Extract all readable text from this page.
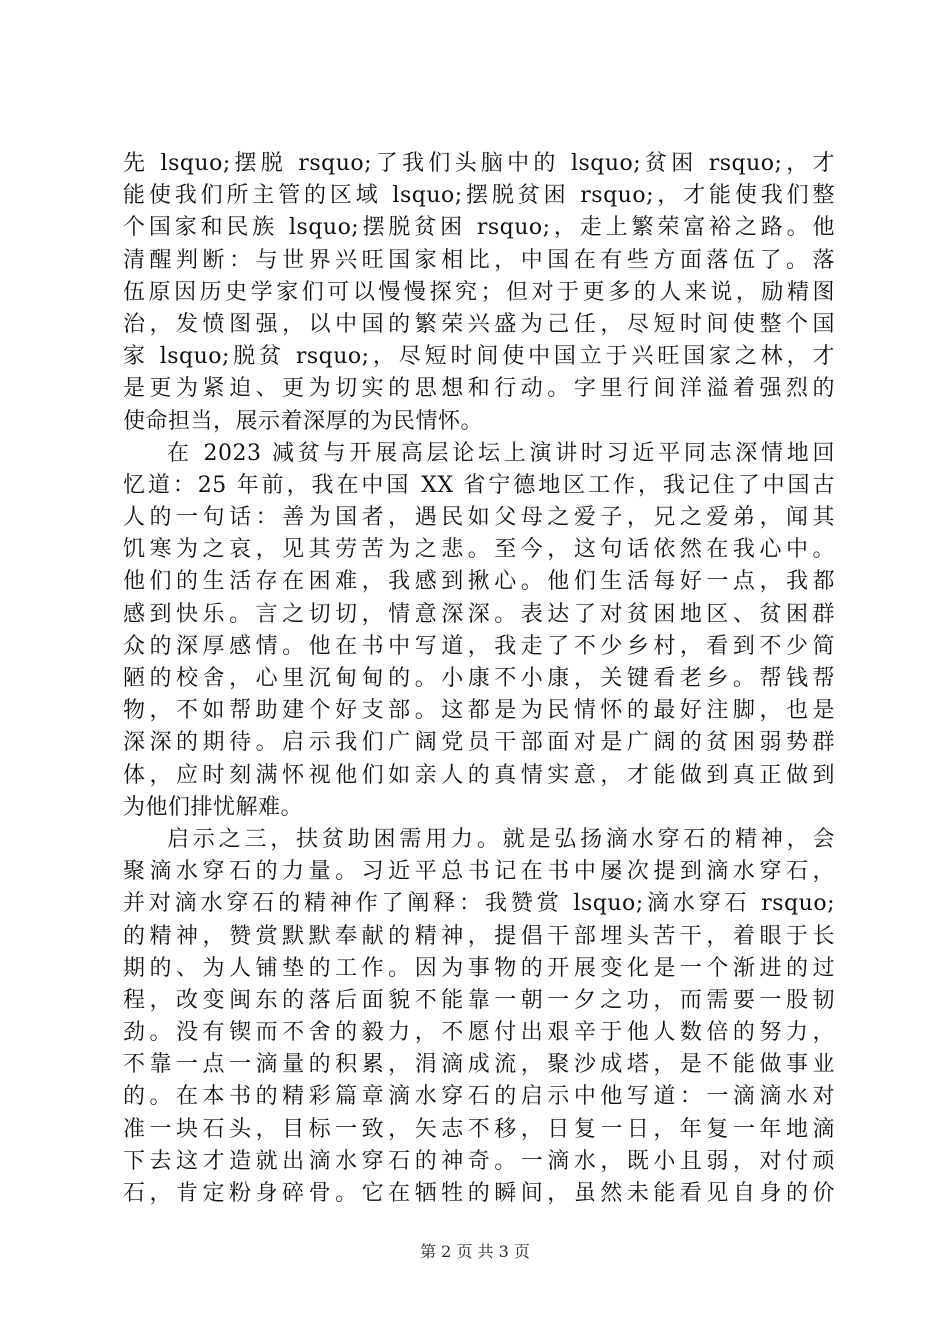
先 lsquo;摆脱 rsquo;了我们头脑中的 lsquo;贫困 rsquo;，才
能使我们所主管的区域 lsquo;摆脱贫困 rsquo;，才能使我们整
个国家和民族 lsquo;摆脱贫困 rsquo;，走上繁荣富裕之路。他
清醒判断：与世界兴旺国家相比，中国在有些方面落伍了。落
伍原因历史学家们可以慢慢探究；但对于更多的人来说，励精图
治，发愤图强，以中国的繁荣兴盛为己任，尽短时间使整个国
家 lsquo;脱贫 rsquo;，尽短时间使中国立于兴旺国家之林，才
是更为紧迫、更为切实的思想和行动。字里行间洋溢着强烈的
使命担当，展示着深厚的为民情怀。
在 2023 减贫与开展高层论坛上演讲时习近平同志深情地回
忆道：25 年前，我在中国 XX 省宁德地区工作，我记住了中国古
人的一句话：善为国者，遇民如父母之爱子，兄之爱弟，闻其
饥寒为之哀，见其劳苦为之悲。至今，这句话依然在我心中。
他们的生活存在困难，我感到揪心。他们生活每好一点，我都
感到快乐。言之切切，情意深深。表达了对贫困地区、贫困群
众的深厚感情。他在书中写道，我走了不少乡村，看到不少简
陋的校舍，心里沉甸甸的。小康不小康，关键看老乡。帮钱帮
物，不如帮助建个好支部。这都是为民情怀的最好注脚，也是
深深的期待。启示我们广阔党员干部面对是广阔的贫困弱势群
体，应时刻满怀视他们如亲人的真情实意，才能做到真正做到
为他们排忧解难。
启示之三，扶贫助困需用力。就是弘扬滴水穿石的精神，会
聚滴水穿石的力量。习近平总书记在书中屡次提到滴水穿石，
并对滴水穿石的精神作了阐释：我赞赏 lsquo;滴水穿石 rsquo;
的精神，赞赏默默奉献的精神，提倡干部埋头苦干，着眼于长
期的、为人铺垫的工作。因为事物的开展变化是一个渐进的过
程，改变闽东的落后面貌不能靠一朝一夕之功，而需要一股韧
劲。没有锲而不舍的毅力，不愿付出艰辛于他人数倍的努力，
不靠一点一滴量的积累，涓滴成流，聚沙成塔，是不能做事业
的。在本书的精彩篇章滴水穿石的启示中他写道：一滴滴水对
准一块石头，目标一致，矢志不移，日复一日，年复一年地滴
下去这才造就出滴水穿石的神奇。一滴水，既小且弱，对付顽
石，肯定粉身碎骨。它在牺牲的瞬间，虽然未能看见自身的价
第 2 页 共 3 页
